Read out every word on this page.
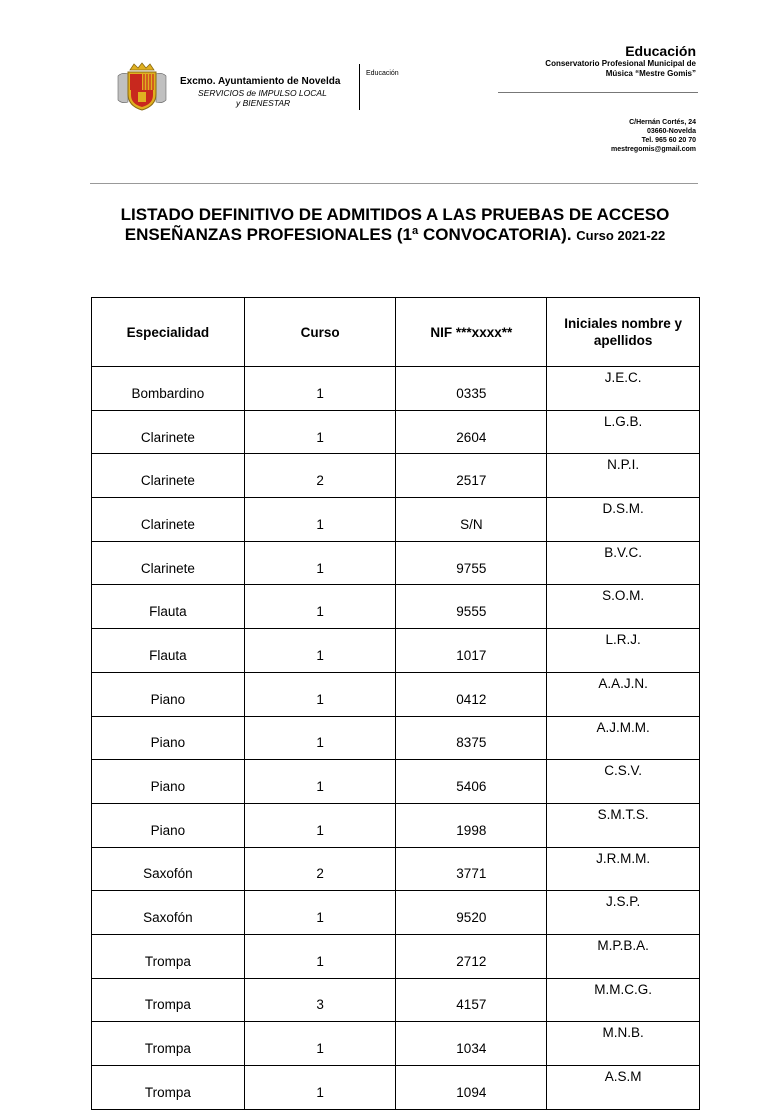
Excmo. Ayuntamiento de Novelda
SERVICIOS de IMPULSO LOCAL
y BIENESTAR
Educación
Educación
Conservatorio Profesional Municipal de
Música “Mestre Gomis”
C/Hernán Cortés, 24
03660-Novelda
Tel. 965 60 20 70
mestregomis@gmail.com
LISTADO DEFINITIVO DE ADMITIDOS A LAS PRUEBAS DE ACCESO
ENSEÑANZAS PROFESIONALES (1ª CONVOCATORIA). Curso 2021-22
Especialidad	Curso	NIF ***xxxx**	Iniciales nombre y apellidos
Bombardino	1	0335	J.E.C.
Clarinete	1	2604	L.G.B.
Clarinete	2	2517	N.P.I.
Clarinete	1	S/N	D.S.M.
Clarinete	1	9755	B.V.C.
Flauta	1	9555	S.O.M.
Flauta	1	1017	L.R.J.
Piano	1	0412	A.A.J.N.
Piano	1	8375	A.J.M.M.
Piano	1	5406	C.S.V.
Piano	1	1998	S.M.T.S.
Saxofón	2	3771	J.R.M.M.
Saxofón	1	9520	J.S.P.
Trompa	1	2712	M.P.B.A.
Trompa	3	4157	M.M.C.G.
Trompa	1	1034	M.N.B.
Trompa	1	1094	A.S.M
